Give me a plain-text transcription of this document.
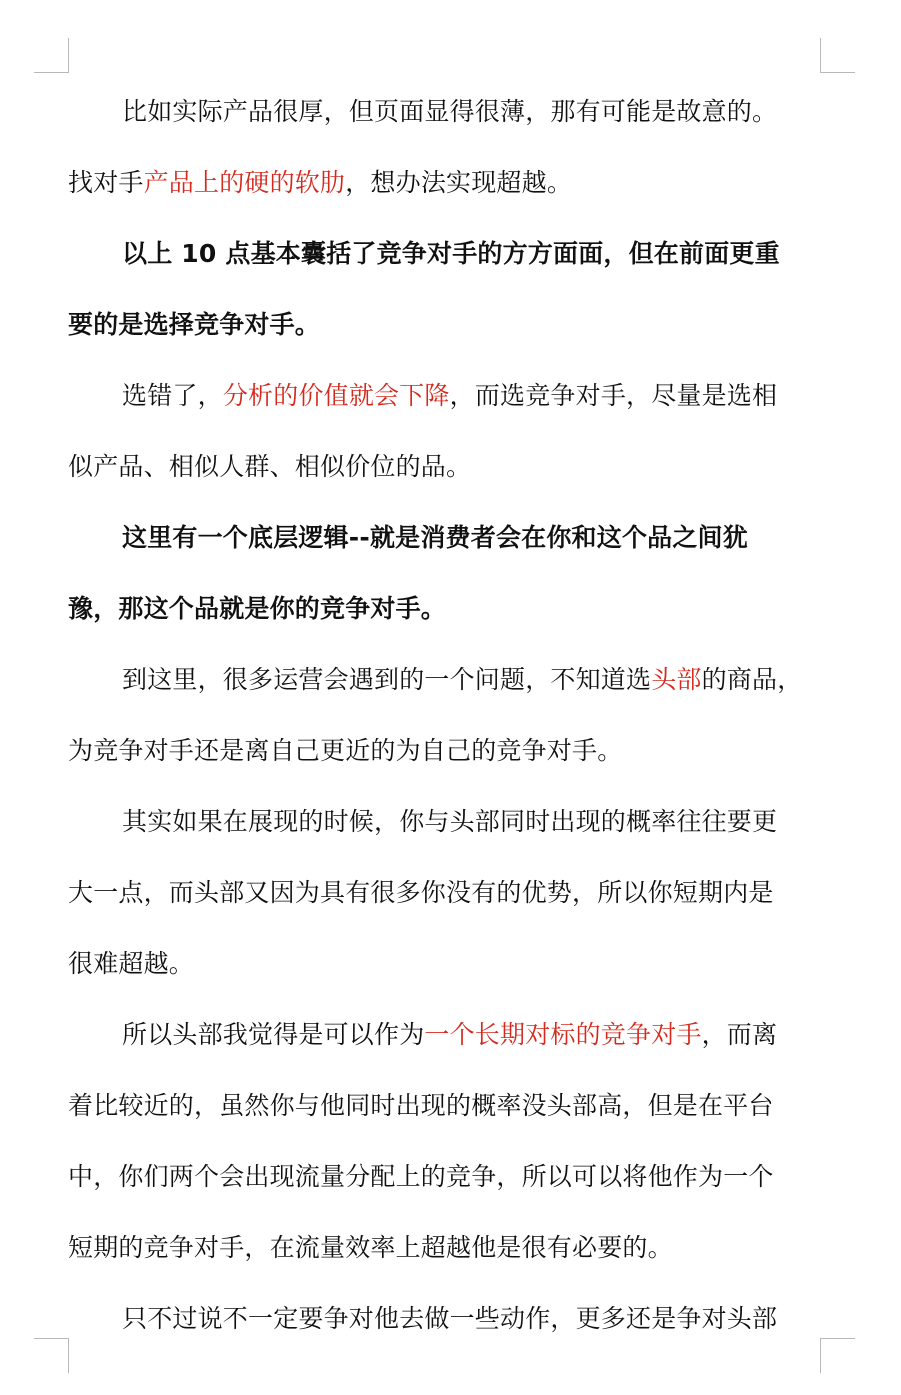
比如实际产品很厚，但页面显得很薄，那有可能是故意的。
找对手产品上的硬的软肋，想办法实现超越。

以上 10 点基本囊括了竞争对手的方方面面，但在前面更重
要的是选择竞争对手。

选错了，分析的价值就会下降，而选竞争对手，尽量是选相
似产品、相似人群、相似价位的品。

这里有一个底层逻辑--就是消费者会在你和这个品之间犹
豫，那这个品就是你的竞争对手。

到这里，很多运营会遇到的一个问题，不知道选头部的商品，
为竞争对手还是离自己更近的为自己的竞争对手。

其实如果在展现的时候，你与头部同时出现的概率往往要更
大一点，而头部又因为具有很多你没有的优势，所以你短期内是
很难超越。

所以头部我觉得是可以作为一个长期对标的竞争对手，而离
着比较近的，虽然你与他同时出现的概率没头部高，但是在平台
中，你们两个会出现流量分配上的竞争，所以可以将他作为一个
短期的竞争对手，在流量效率上超越他是很有必要的。

只不过说不一定要争对他去做一些动作，更多还是争对头部
